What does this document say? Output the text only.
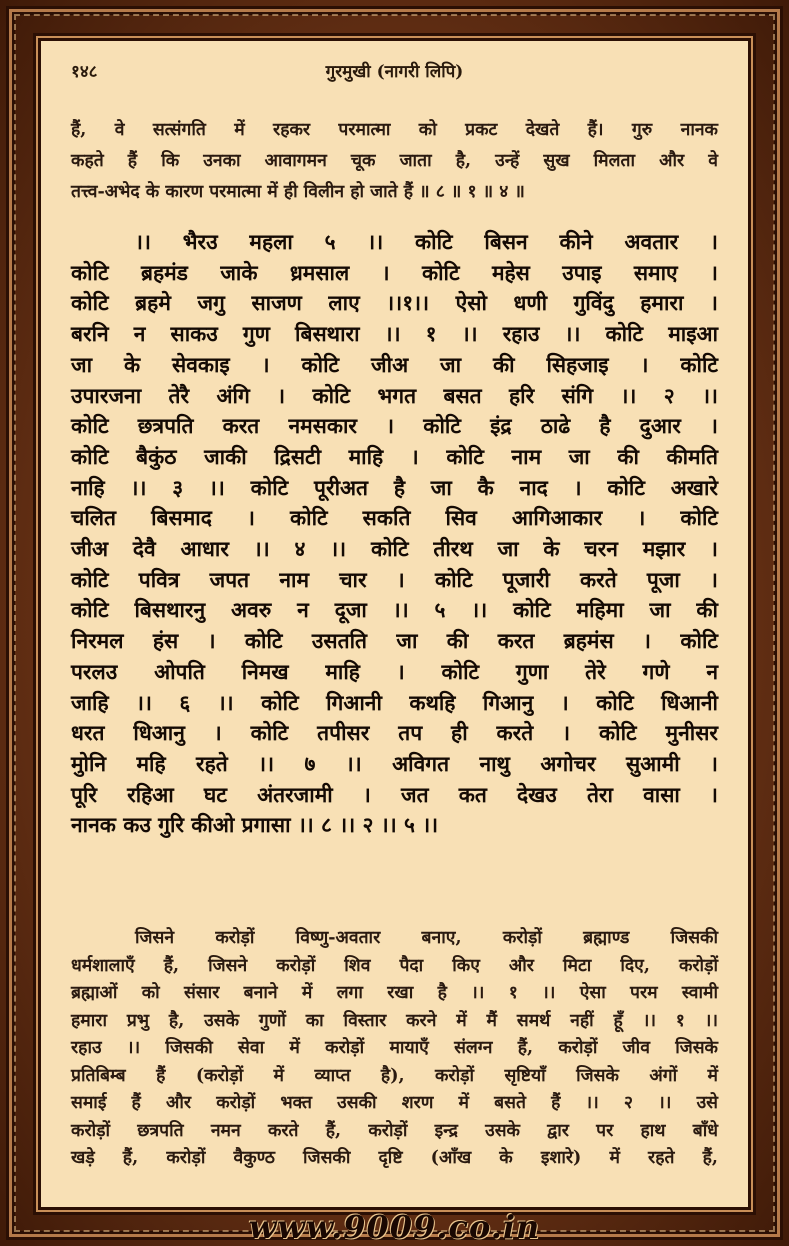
१४८	गुरमुखी (नागरी लिपि)
हैं, वे सत्संगति में रहकर परमात्मा को प्रकट देखते हैं। गुरु नानक
कहते हैं कि उनका आवागमन चूक जाता है, उन्हें सुख मिलता और वे
तत्त्व-अभेद के कारण परमात्मा में ही विलीन हो जाते हैं ॥ ८ ॥ १ ॥ ४ ॥
।। भैरउ महला ५ ।। कोटि बिसन कीने अवतार ।
कोटि ब्रहमंड जाके ध्रमसाल । कोटि महेस उपाइ समाए ।
कोटि ब्रहमे जगु साजण लाए ।।१।। ऐसो धणी गुविंदु हमारा ।
बरनि न साकउ गुण बिसथारा ।। १ ।। रहाउ ।। कोटि माइआ
जा के सेवकाइ । कोटि जीअ जा की सिहजाइ । कोटि
उपारजना तेरै अंगि । कोटि भगत बसत हरि संगि ।। २ ।।
कोटि छत्रपति करत नमसकार । कोटि इंद्र ठाढे है दुआर ।
कोटि बैकुंठ जाकी द्रिसटी माहि । कोटि नाम जा की कीमति
नाहि ।। ३ ।। कोटि पूरीअत है जा कै नाद । कोटि अखारे
चलित बिसमाद । कोटि सकति सिव आगिआकार । कोटि
जीअ देवै आधार ।। ४ ।। कोटि तीरथ जा के चरन मझार ।
कोटि पवित्र जपत नाम चार । कोटि पूजारी करते पूजा ।
कोटि बिसथारनु अवरु न दूजा ।। ५ ।। कोटि महिमा जा की
निरमल हंस । कोटि उसतति जा की करत ब्रहमंस । कोटि
परलउ ओपति निमख माहि । कोटि गुणा तेरे गणे न
जाहि ।। ६ ।। कोटि गिआनी कथहि गिआनु । कोटि धिआनी
धरत धिआनु । कोटि तपीसर तप ही करते । कोटि मुनीसर
मुोनि महि रहते ।। ७ ।। अविगत नाथु अगोचर सुआमी ।
पूरि रहिआ घट अंतरजामी । जत कत देखउ तेरा वासा ।
नानक कउ गुरि कीओ प्रगासा ।। ८ ।। २ ।। ५ ।।
जिसने करोड़ों विष्णु-अवतार बनाए, करोड़ों ब्रह्माण्ड जिसकी
धर्मशालाएँ हैं, जिसने करोड़ों शिव पैदा किए और मिटा दिए, करोड़ों
ब्रह्माओं को संसार बनाने में लगा रखा है ।। १ ।। ऐसा परम स्वामी
हमारा प्रभु है, उसके गुणों का विस्तार करने में मैं समर्थ नहीं हूँ ।। १ ।।
रहाउ ।। जिसकी सेवा में करोड़ों मायाएँ संलग्न हैं, करोड़ों जीव जिसके
प्रतिबिम्ब हैं (करोड़ों में व्याप्त है), करोड़ों सृष्टियाँ जिसके अंगों में
समाई हैं और करोड़ों भक्त उसकी शरण में बसते हैं ।। २ ।। उसे
करोड़ों छत्रपति नमन करते हैं, करोड़ों इन्द्र उसके द्वार पर हाथ बाँधे
खड़े हैं, करोड़ों वैकुण्ठ जिसकी दृष्टि (आँख के इशारे) में रहते हैं,
www.9009.co.in
